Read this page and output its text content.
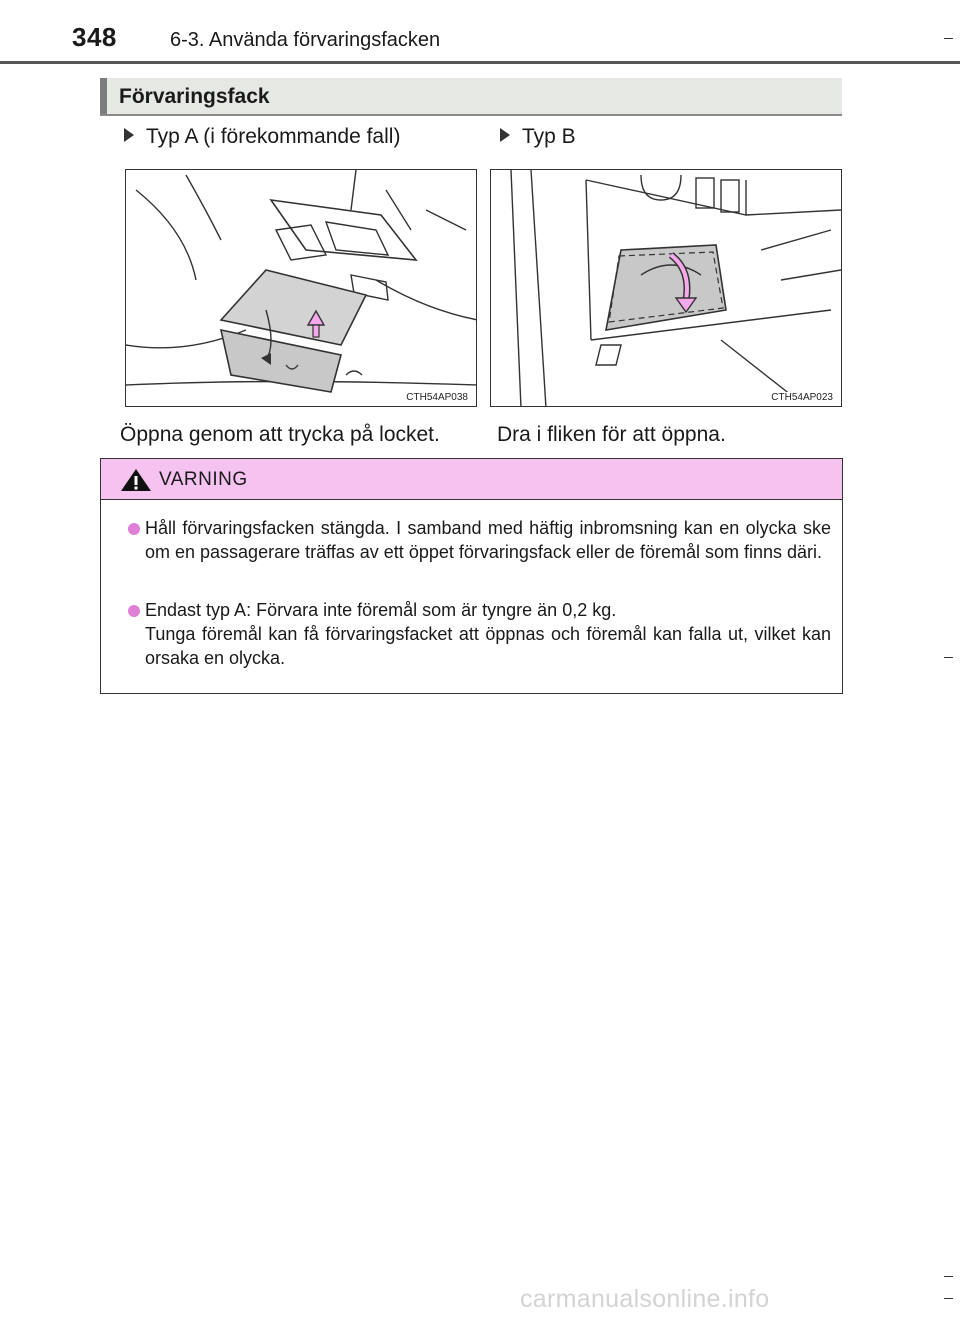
348	6-3. Använda förvaringsfacken
Förvaringsfack
Typ A (i förekommande fall)	Typ B
CTH54AP038	CTH54AP023
Öppna genom att trycka på locket.	Dra i fliken för att öppna.
VARNING
Håll förvaringsfacken stängda. I samband med häftig inbromsning kan en olycka ske om en passagerare träffas av ett öppet förvaringsfack eller de föremål som finns däri.
Endast typ A: Förvara inte föremål som är tyngre än 0,2 kg.
Tunga föremål kan få förvaringsfacket att öppnas och föremål kan falla ut, vilket kan orsaka en olycka.
carmanualsonline.info
